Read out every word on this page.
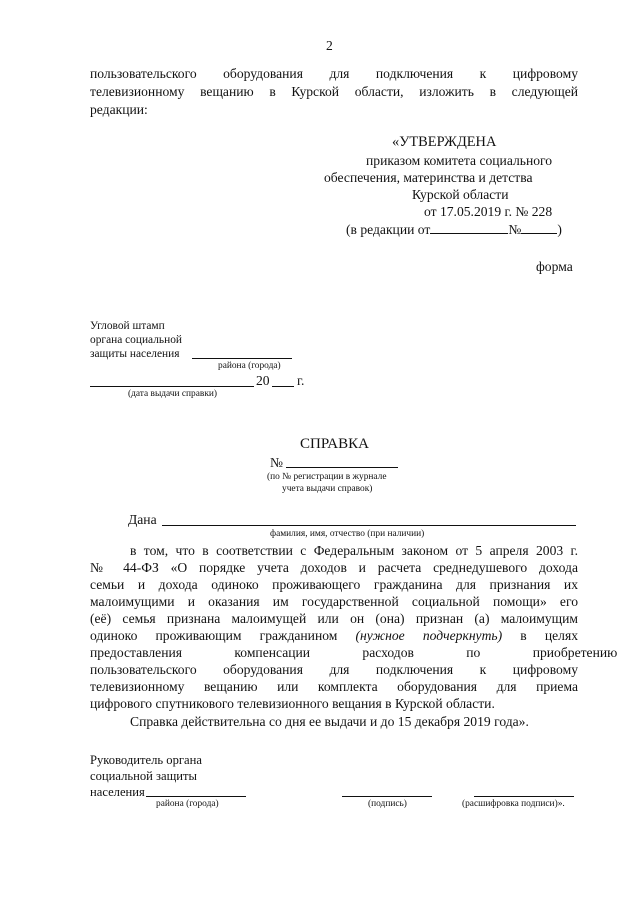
2
пользовательского оборудования для подключения к цифровому
телевизионному вещанию в Курской области, изложить в следующей
редакции:
«УТВЕРЖДЕНА
приказом комитета социального
обеспечения, материнства и детства
Курской области
от 17.05.2019 г. № 228
(в редакции от	№	)
форма
Угловой штамп
органа социальной
защиты населения
района (города)
20 г.
(дата выдачи справки)
СПРАВКА
№
(по № регистрации в журнале
учета выдачи справок)
Дана
фамилия, имя, отчество (при наличии)
в том, что в соответствии с Федеральным законом от 5 апреля 2003 г.
№ 44-ФЗ «О порядке учета доходов и расчета среднедушевого дохода
семьи и дохода одиноко проживающего гражданина для признания их
малоимущими и оказания им государственной социальной помощи» его
(её) семья признана малоимущей или он (она) признан (а) малоимущим
одиноко проживающим гражданином (нужное подчеркнуть) в целях
предоставления компенсации расходов по приобретению
пользовательского оборудования для подключения к цифровому
телевизионному вещанию или комплекта оборудования для приема
цифрового спутникового телевизионного вещания в Курской области.
Справка действительна со дня ее выдачи и до 15 декабря 2019 года».
Руководитель органа
социальной защиты
населения
района (города)	(подпись)	(расшифровка подписи)».
